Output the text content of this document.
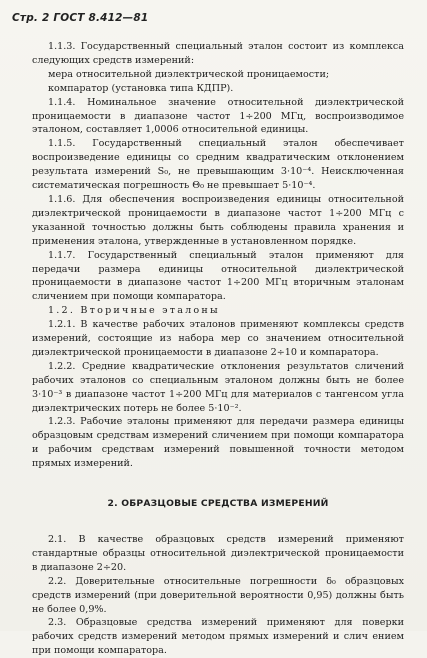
Стр. 2 ГОСТ 8.412—81

1.1.3. Государственный специальный эталон состоит из комплекса следующих средств измерений:

мера относительной диэлектрической проницаемости;

компаратор (установка типа КДПР).

1.1.4. Номинальное значение относительной диэлектрической проницаемости в диапазоне частот 1÷200 МГц, воспроизводимое эталоном, составляет 1,0006 относительной единицы.

1.1.5. Государственный специальный эталон обеспечивает воспроизведение единицы со средним квадратическим отклонением результата измерений S₀, не превышающим 3·10⁻⁴. Неисключенная систематическая погрешность Θ₀ не превышает 5·10⁻⁴.

1.1.6. Для обеспечения воспроизведения единицы относительной диэлектрической проницаемости в диапазоне частот 1÷200 МГц с указанной точностью должны быть соблюдены правила хранения и применения эталона, утвержденные в установленном порядке.

1.1.7. Государственный специальный эталон применяют для передачи размера единицы относительной диэлектрической проницаемости в диапазоне частот 1÷200 МГц вторичным эталонам сличением при помощи компаратора.

1.2. Вторичные эталоны

1.2.1. В качестве рабочих эталонов применяют комплексы средств измерений, состоящие из набора мер со значением относительной диэлектрической проницаемости в диапазоне 2÷10 и компаратора.

1.2.2. Средние квадратические отклонения результатов сличений рабочих эталонов со специальным эталоном должны быть не более 3·10⁻³ в диапазоне частот 1÷200 МГц для материалов с тангенсом угла диэлектрических потерь не более 5·10⁻².

1.2.3. Рабочие эталоны применяют для передачи размера единицы образцовым средствам измерений сличением при помощи компаратора и рабочим средствам измерений повышенной точности методом прямых измерений.

2. ОБРАЗЦОВЫЕ СРЕДСТВА ИЗМЕРЕНИЙ

2.1. В качестве образцовых средств измерений применяют стандартные образцы относительной диэлектрической проницаемости в диапазоне 2÷20.

2.2. Доверительные относительные погрешности δ₀ образцовых средств измерений (при доверительной вероятности 0,95) должны быть не более 0,9%.

2.3. Образцовые средства измерений применяют для поверки рабочих средств измерений методом прямых измерений и слич ением при помощи компаратора.
